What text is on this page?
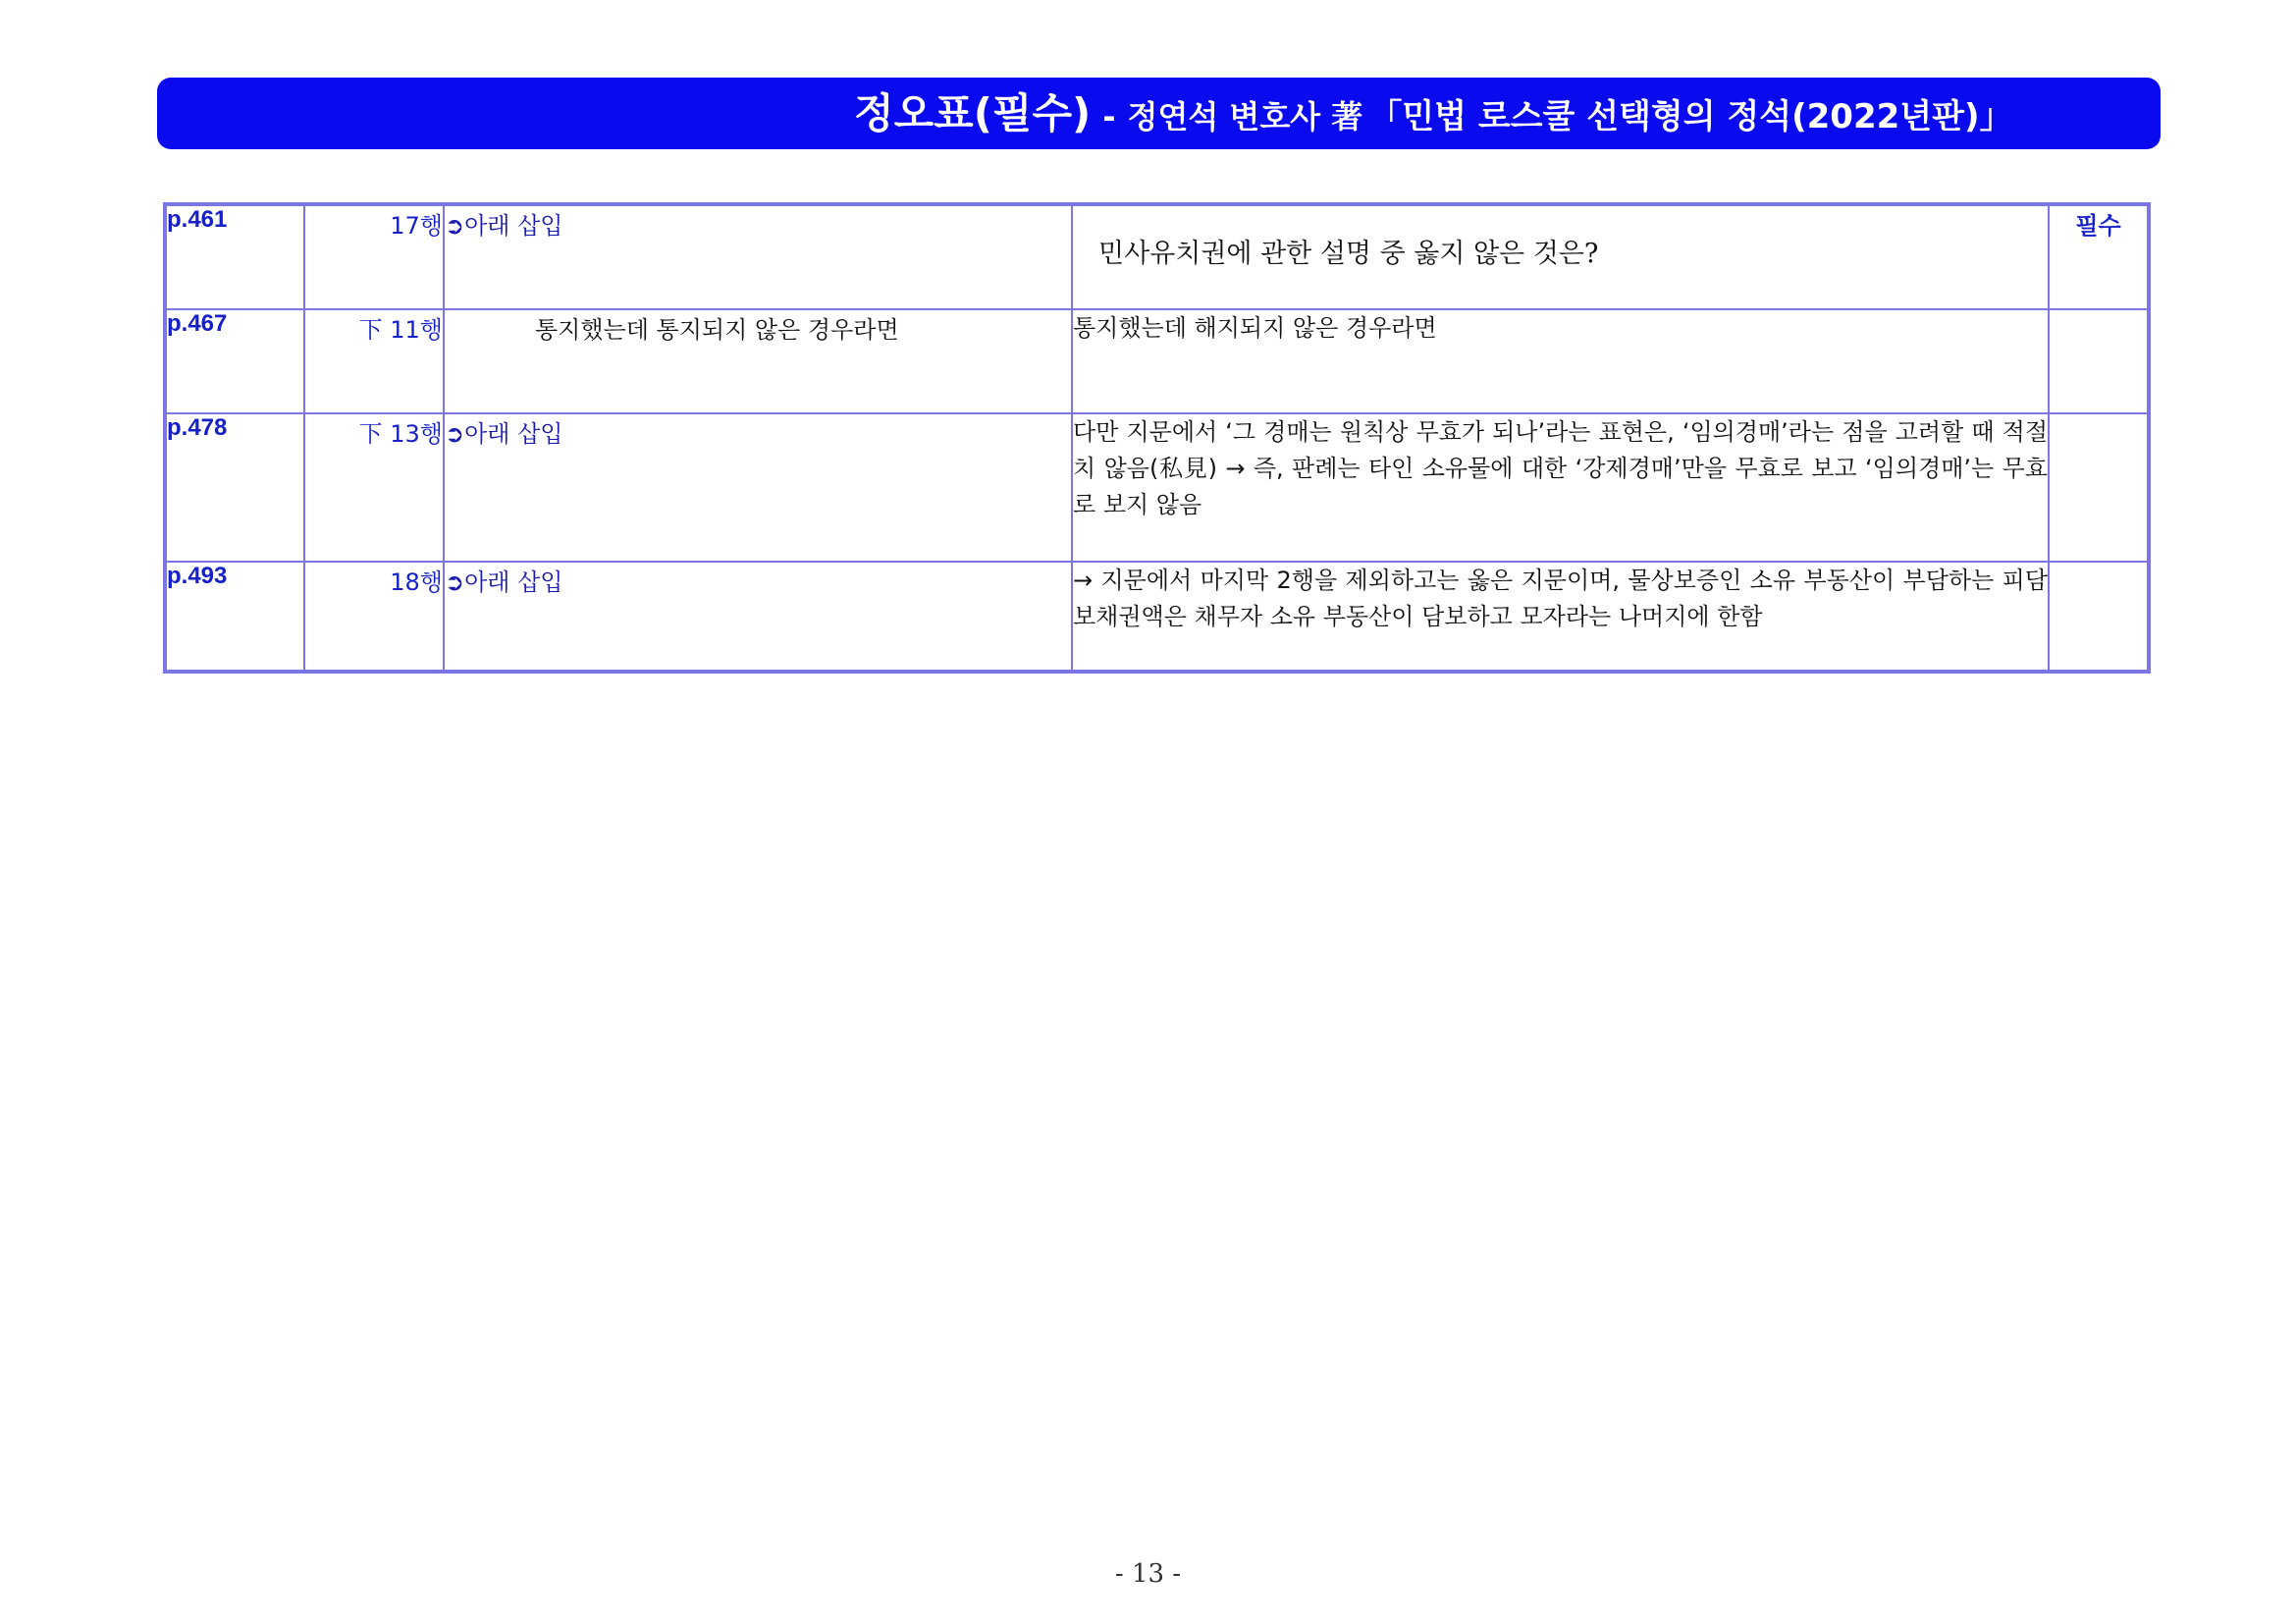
정오표(필수) - 정연석 변호사 著 「민법 로스쿨 선택형의 정석(2022년판)」
p.461	17행	➲아래 삽입	민사유치권에 관한 설명 중 옳지 않은 것은?	필수
p.467	下 11행	통지했는데 통지되지 않은 경우라면	통지했는데 해지되지 않은 경우라면	
p.478	下 13행	➲아래 삽입	다만 지문에서 ‘그 경매는 원칙상 무효가 되나’라는 표현은, ‘임의경매’라는 점을 고려할 때 적절치 않음(私見) → 즉, 판례는 타인 소유물에 대한 ‘강제경매’만을 무효로 보고 ‘임의경매’는 무효로 보지 않음	
p.493	18행	➲아래 삽입	→ 지문에서 마지막 2행을 제외하고는 옳은 지문이며, 물상보증인 소유 부동산이 부담하는 피담보채권액은 채무자 소유 부동산이 담보하고 모자라는 나머지에 한함	
- 13 -
